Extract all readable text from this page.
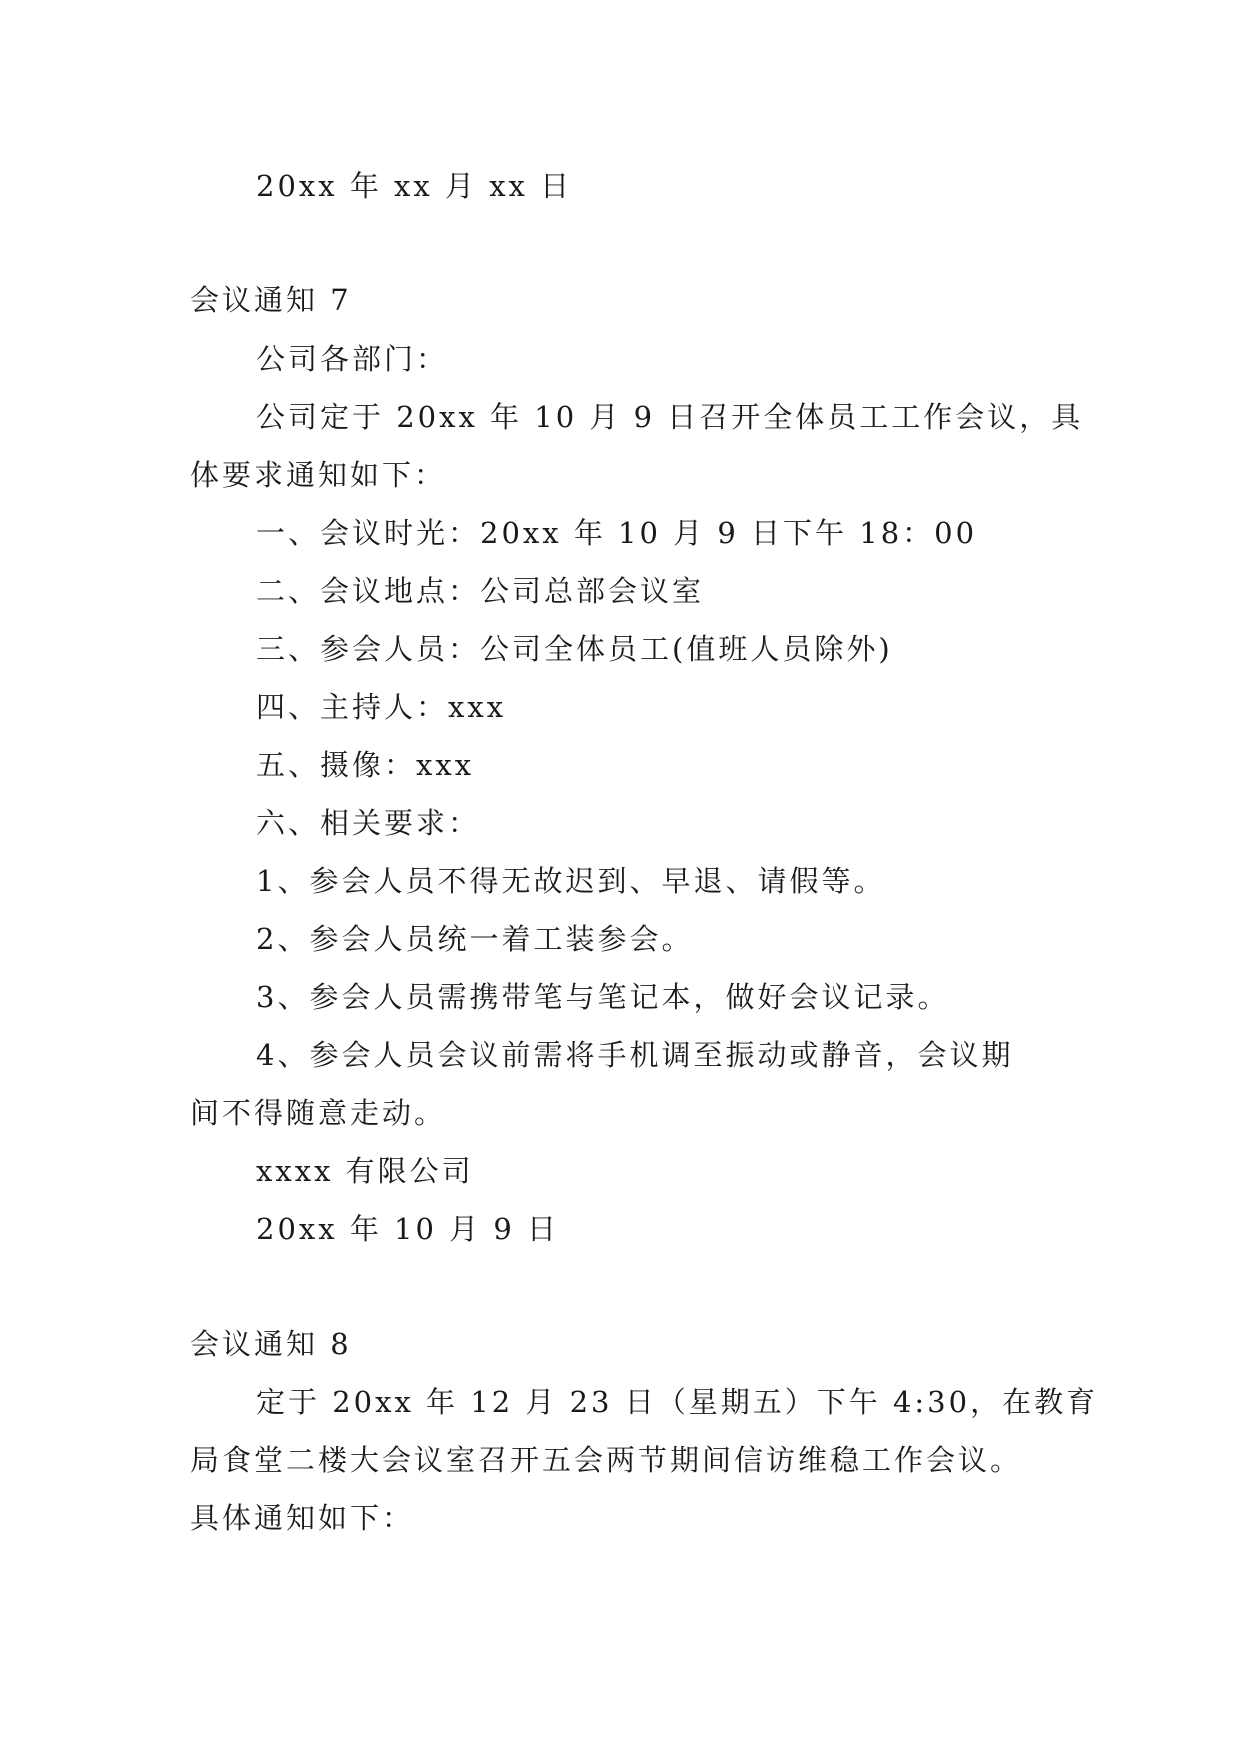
20xx 年 xx 月 xx 日
会议通知 7
公司各部门：
公司定于 20xx 年 10 月 9 日召开全体员工工作会议，具
体要求通知如下：
一、会议时光：20xx 年 10 月 9 日下午 18：00
二、会议地点：公司总部会议室
三、参会人员：公司全体员工(值班人员除外)
四、主持人：xxx
五、摄像：xxx
六、相关要求：
1、参会人员不得无故迟到、早退、请假等。
2、参会人员统一着工装参会。
3、参会人员需携带笔与笔记本，做好会议记录。
4、参会人员会议前需将手机调至振动或静音，会议期
间不得随意走动。
xxxx 有限公司
20xx 年 10 月 9 日
会议通知 8
定于 20xx 年 12 月 23 日（星期五）下午 4:30，在教育
局食堂二楼大会议室召开五会两节期间信访维稳工作会议。
具体通知如下：
